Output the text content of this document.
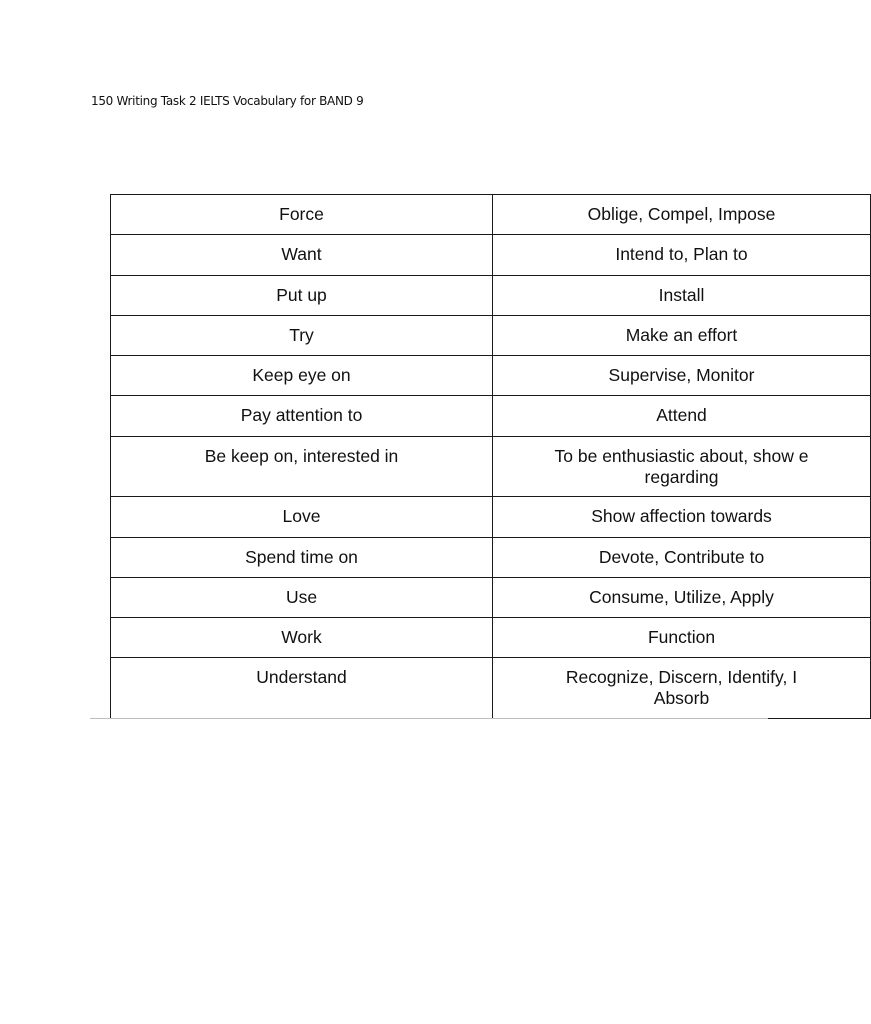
150 Writing Task 2 IELTS Vocabulary for BAND 9
Force	Oblige, Compel, Impose
Want	Intend to, Plan to
Put up	Install
Try	Make an effort
Keep eye on	Supervise, Monitor
Pay attention to	Attend
Be keep on, interested in	To be enthusiastic about, show e
regarding

Love	Show affection towards
Spend time on	Devote, Contribute to
Use	Consume, Utilize, Apply
Work	Function
Understand	Recognize, Discern, Identify, I
Absorb
